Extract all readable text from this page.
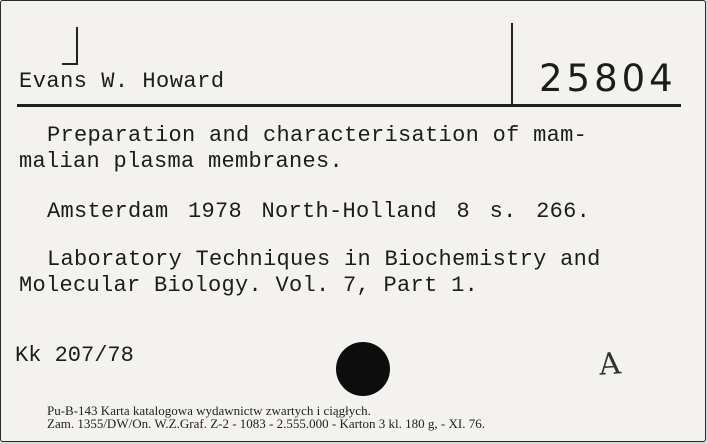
Evans W. Howard	25804
Preparation and characterisation of mam-
malian plasma membranes.
Amsterdam 1978 North-Holland 8 s. 266.
Laboratory Techniques in Biochemistry and
Molecular Biology. Vol. 7, Part 1.
Kk 207/78	A
Pu-B-143 Karta katalogowa wydawnictw zwartych i ciągłych.
Zam. 1355/DW/On. W.Z.Graf. Z-2 - 1083 - 2.555.000 - Karton 3 kl. 180 g, - XI. 76.
